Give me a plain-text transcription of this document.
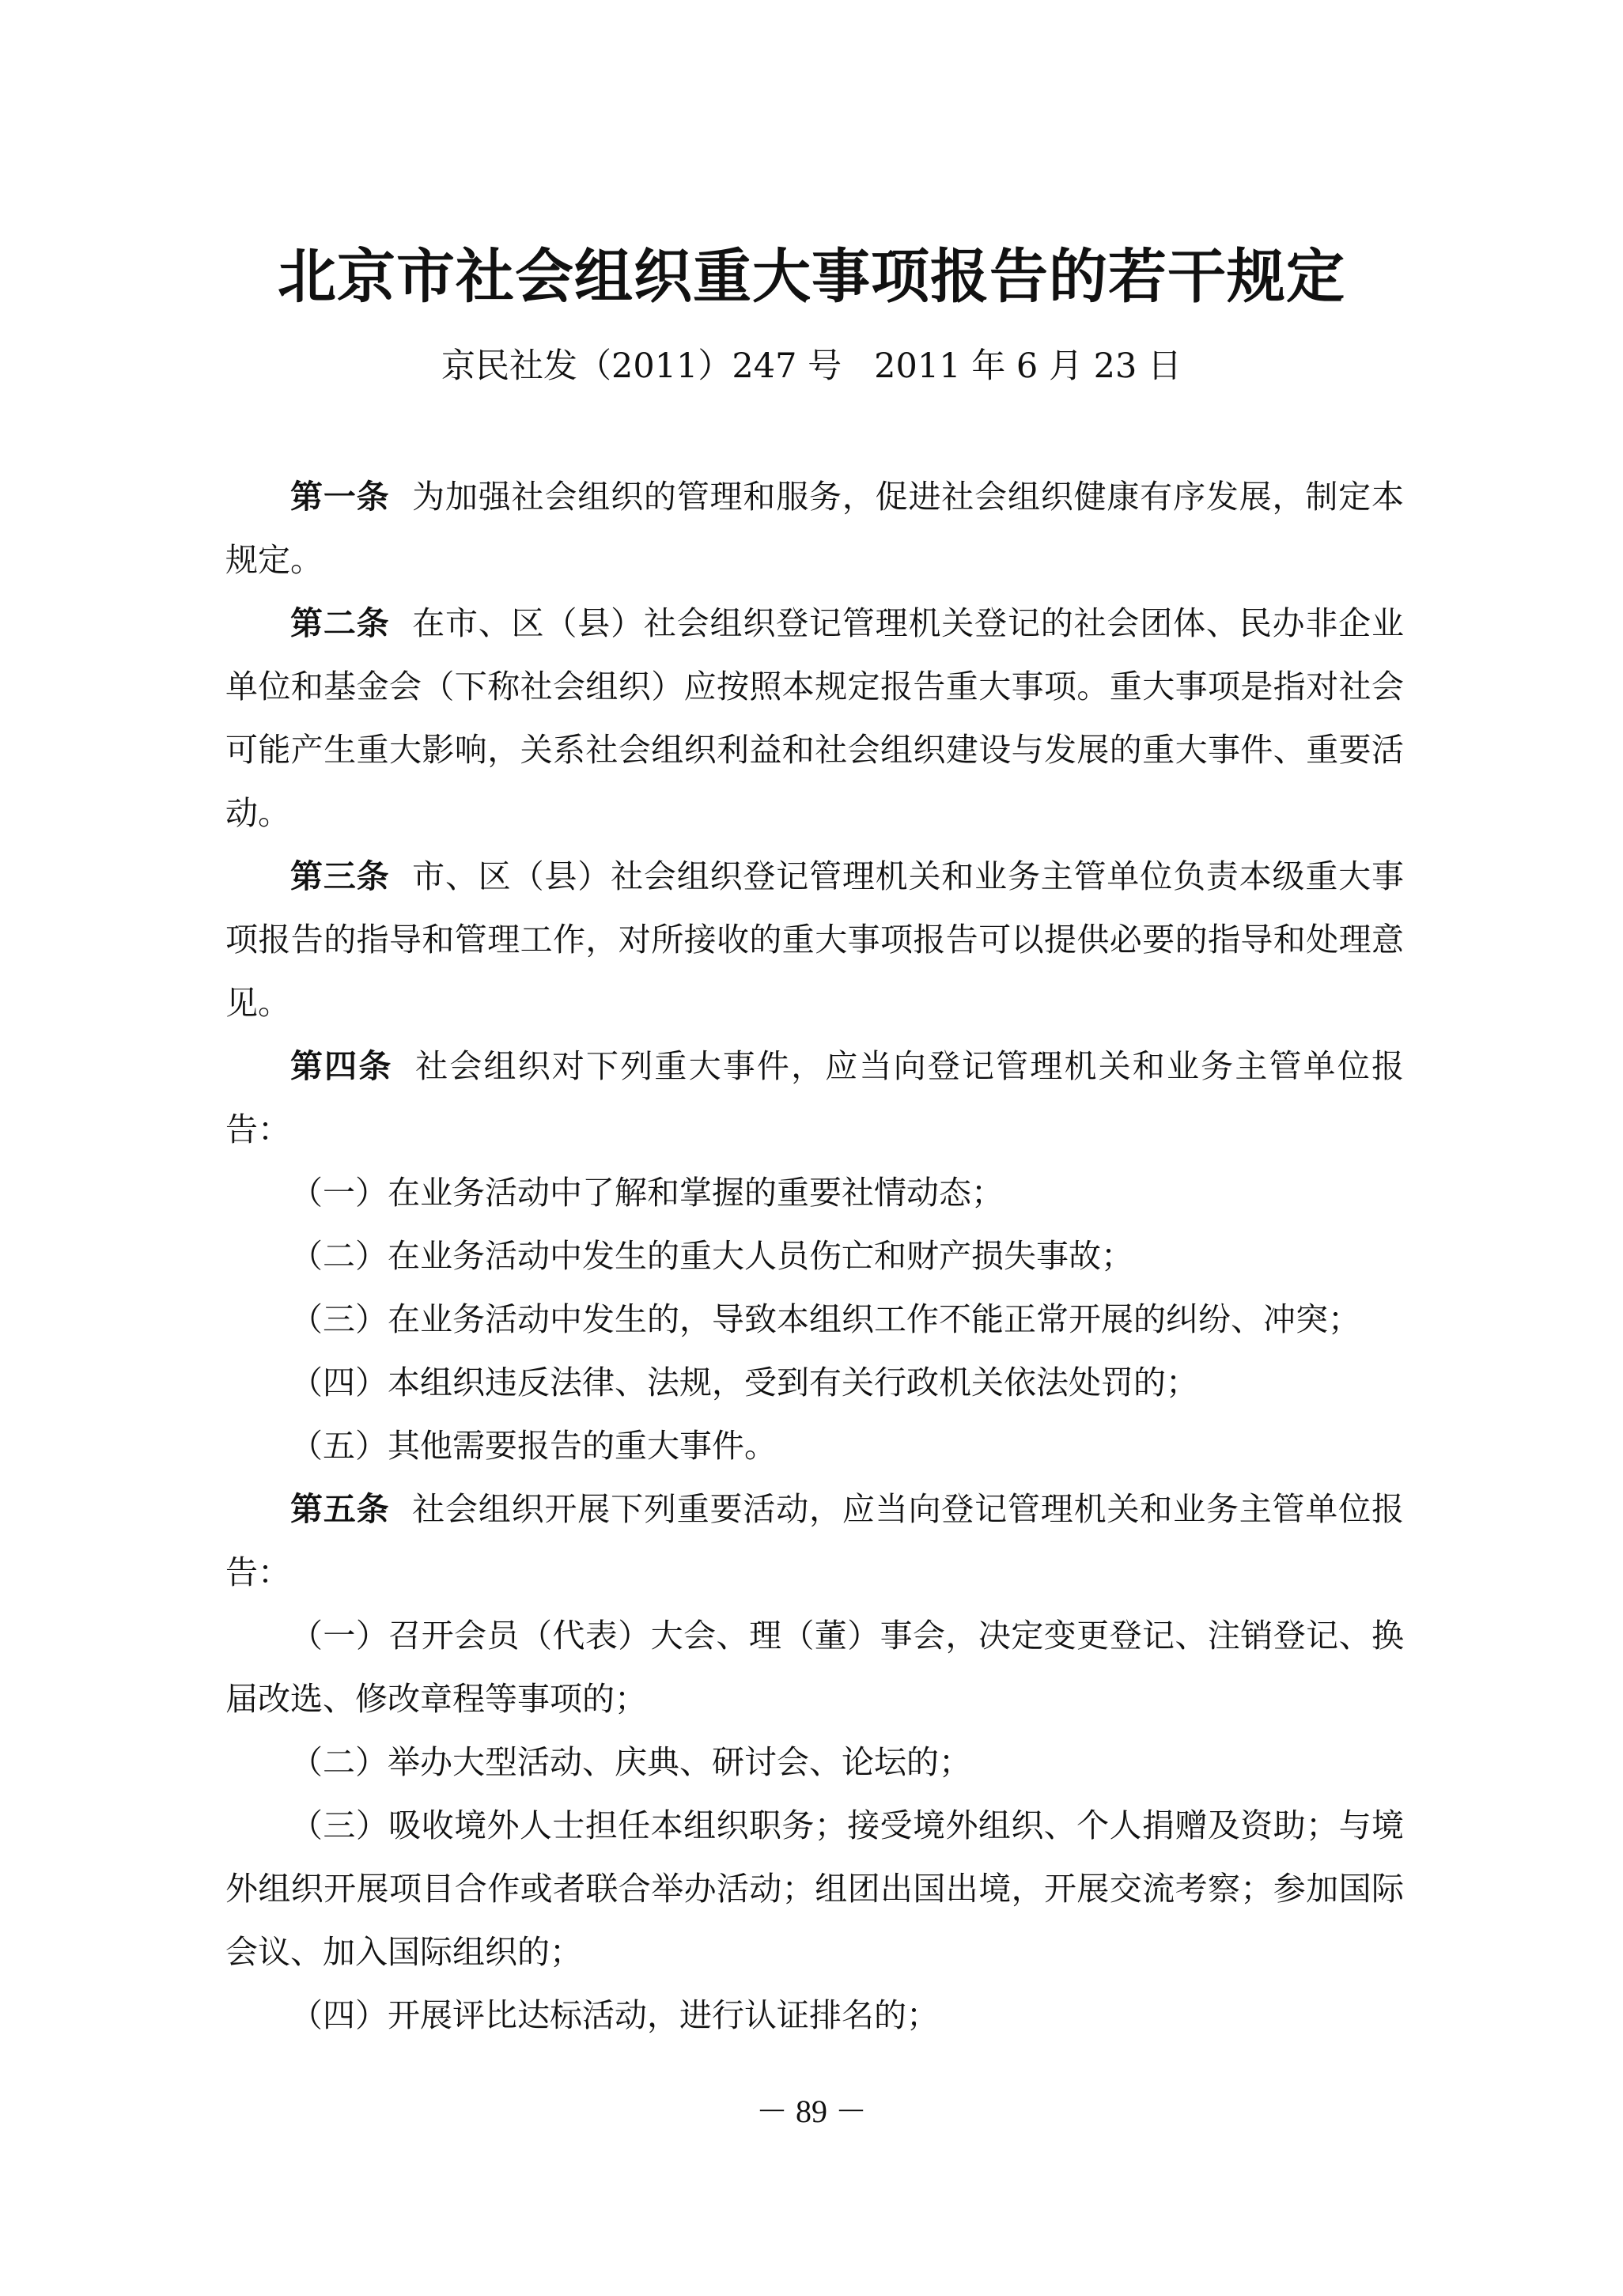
北京市社会组织重大事项报告的若干规定
京民社发（2011）247 号   2011 年 6 月 23 日

第一条 为加强社会组织的管理和服务，促进社会组织健康有序发展，制定本规定。

第二条 在市、区（县）社会组织登记管理机关登记的社会团体、民办非企业单位和基金会（下称社会组织）应按照本规定报告重大事项。重大事项是指对社会可能产生重大影响，关系社会组织利益和社会组织建设与发展的重大事件、重要活动。

第三条 市、区（县）社会组织登记管理机关和业务主管单位负责本级重大事项报告的指导和管理工作，对所接收的重大事项报告可以提供必要的指导和处理意见。

第四条 社会组织对下列重大事件，应当向登记管理机关和业务主管单位报告：

（一）在业务活动中了解和掌握的重要社情动态；

（二）在业务活动中发生的重大人员伤亡和财产损失事故；

（三）在业务活动中发生的，导致本组织工作不能正常开展的纠纷、冲突；

（四）本组织违反法律、法规，受到有关行政机关依法处罚的；

（五）其他需要报告的重大事件。

第五条 社会组织开展下列重要活动，应当向登记管理机关和业务主管单位报告：

（一）召开会员（代表）大会、理（董）事会，决定变更登记、注销登记、换届改选、修改章程等事项的；

（二）举办大型活动、庆典、研讨会、论坛的；

（三）吸收境外人士担任本组织职务；接受境外组织、个人捐赠及资助；与境外组织开展项目合作或者联合举办活动；组团出国出境，开展交流考察；参加国际会议、加入国际组织的；

（四）开展评比达标活动，进行认证排名的；

－ 89 －
